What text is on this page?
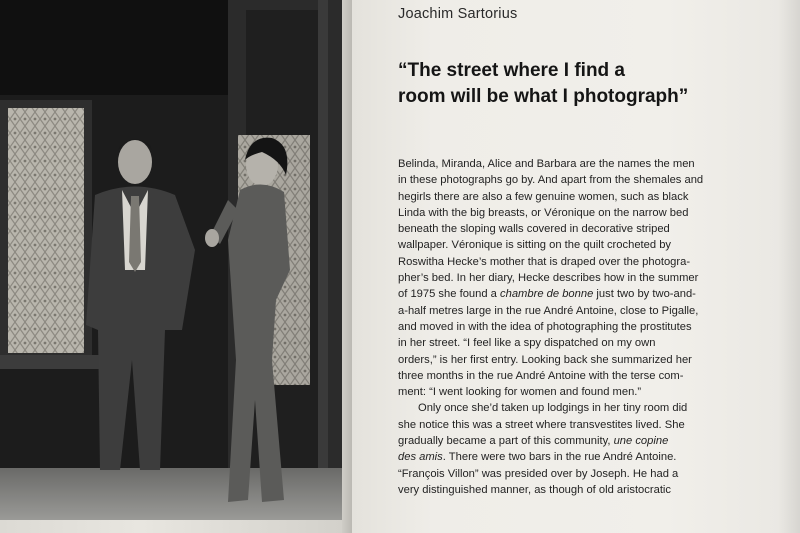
Joachim Sartorius
“The street where I find a
room will be what I photograph”

Belinda, Miranda, Alice and Barbara are the names the men
in these photographs go by. And apart from the shemales and
hegirls there are also a few genuine women, such as black
Linda with the big breasts, or Véronique on the narrow bed
beneath the sloping walls covered in decorative striped
wallpaper. Véronique is sitting on the quilt crocheted by
Roswitha Hecke’s mother that is draped over the photogra-
pher’s bed. In her diary, Hecke describes how in the summer
of 1975 she found a chambre de bonne just two by two-and-
a-half metres large in the rue André Antoine, close to Pigalle,
and moved in with the idea of photographing the prostitutes
in her street. “I feel like a spy dispatched on my own
orders,” is her first entry. Looking back she summarized her
three months in the rue André Antoine with the terse com-
ment: “I went looking for women and found men.”

Only once she’d taken up lodgings in her tiny room did
she notice this was a street where transvestites lived. She
gradually became a part of this community, une copine
des amis. There were two bars in the rue André Antoine.
“François Villon” was presided over by Joseph. He had a
very distinguished manner, as though of old aristocratic
